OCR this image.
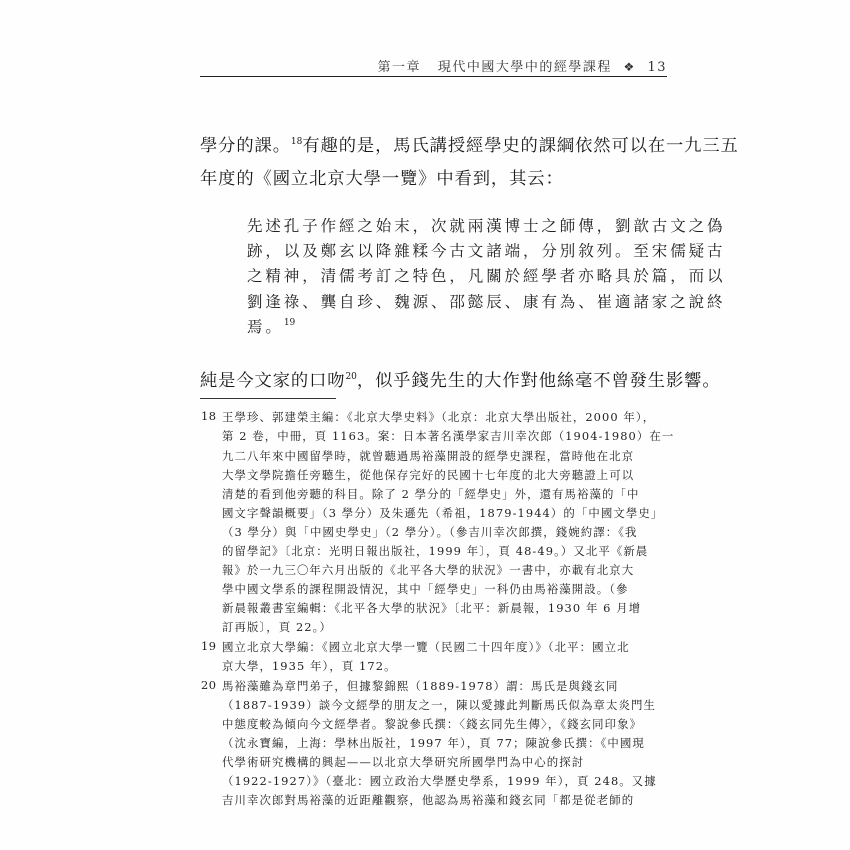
第一章 現代中國大學中的經學課程 ❖ 13
學分的課。$^{18}$有趣的是，馬氏講授經學史的課綱依然可以在一九三五
年度的《國立北京大學一覽》中看到，其云：
先述孔子作經之始末，次就兩漢博士之師傳，劉歆古文之偽
跡，以及鄭玄以降雜糅今古文諸端，分別敘列。至宋儒疑古
之精神，清儒考訂之特色，凡關於經學者亦略具於篇，而以
劉逢祿、龔自珍、魏源、邵懿辰、康有為、崔適諸家之說終
焉。$^{19}$
純是今文家的口吻$^{20}$，似乎錢先生的大作對他絲毫不曾發生影響。
18 王學珍、郭建榮主編：《北京大學史料》（北京：北京大學出版社，2000 年），
第 2 卷，中冊，頁 1163。案：日本著名漢學家吉川幸次郎（1904-1980）在一
九二八年來中國留學時，就曾聽過馬裕藻開設的經學史課程，當時他在北京
大學文學院擔任旁聽生，從他保存完好的民國十七年度的北大旁聽證上可以
清楚的看到他旁聽的科目。除了 2 學分的「經學史」外，還有馬裕藻的「中
國文字聲韻概要」（3 學分）及朱遜先（希祖，1879-1944）的「中國文學史」
（3 學分）與「中國史學史」（2 學分）。（參吉川幸次郎撰，錢婉約譯：《我
的留學記》〔北京：光明日報出版社，1999 年〕，頁 48-49。）又北平《新晨
報》於一九三〇年六月出版的《北平各大學的狀況》一書中，亦載有北京大
學中國文學系的課程開設情況，其中「經學史」一科仍由馬裕藻開設。（參
新晨報叢書室編輯：《北平各大學的狀況》〔北平：新晨報，1930 年 6 月增
訂再版〕，頁 22。）
19 國立北京大學編：《國立北京大學一覽（民國二十四年度）》（北平：國立北
京大學，1935 年），頁 172。
20 馬裕藻雖為章門弟子，但據黎錦熙（1889-1978）謂：馬氏是與錢玄同
（1887-1939）談今文經學的朋友之一，陳以愛據此判斷馬氏似為章太炎門生
中態度較為傾向今文經學者。黎說參氏撰：〈錢玄同先生傳〉，《錢玄同印象》
（沈永寶編，上海：學林出版社，1997 年），頁 77；陳說參氏撰：《中國現
代學術研究機構的興起——以北京大學研究所國學門為中心的探討
（1922-1927）》（臺北：國立政治大學歷史學系，1999 年），頁 248。又據
吉川幸次郎對馬裕藻的近距離觀察，他認為馬裕藻和錢玄同「都是從老師的
